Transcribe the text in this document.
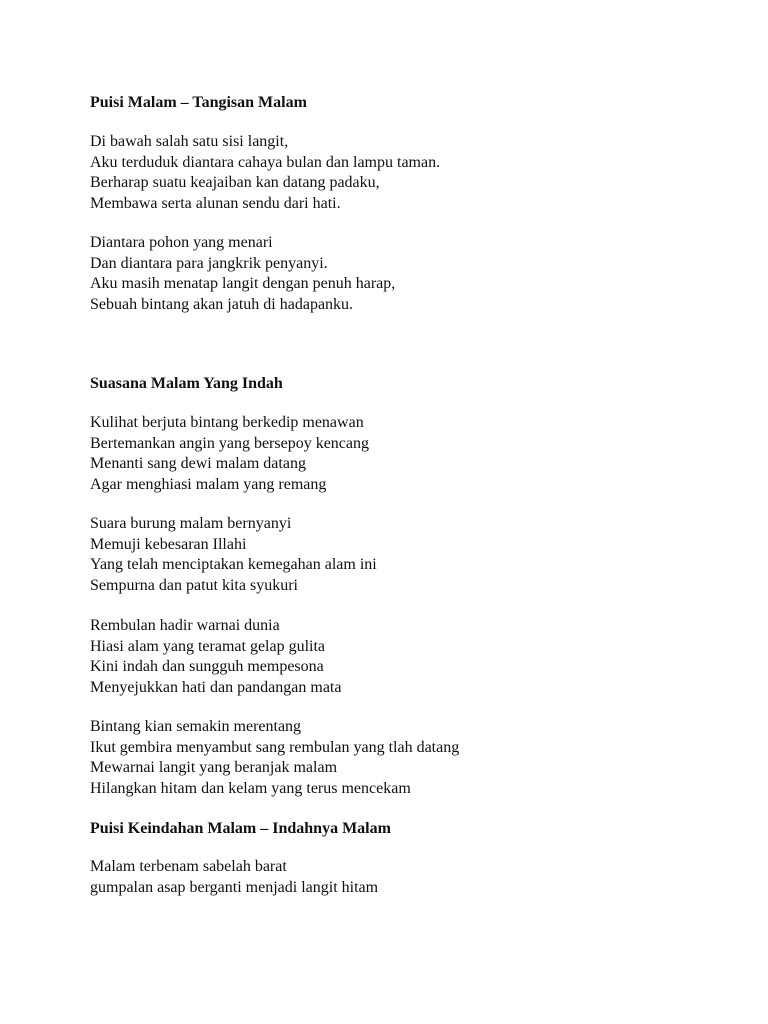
Puisi Malam – Tangisan Malam
Di bawah salah satu sisi langit,
Aku terduduk diantara cahaya bulan dan lampu taman.
Berharap suatu keajaiban kan datang padaku,
Membawa serta alunan sendu dari hati.
Diantara pohon yang menari
Dan diantara para jangkrik penyanyi.
Aku masih menatap langit dengan penuh harap,
Sebuah bintang akan jatuh di hadapanku.
Suasana Malam Yang Indah
Kulihat berjuta bintang berkedip menawan
Bertemankan angin yang bersepoy kencang
Menanti sang dewi malam datang
Agar menghiasi malam yang remang
Suara burung malam bernyanyi
Memuji kebesaran Illahi
Yang telah menciptakan kemegahan alam ini
Sempurna dan patut kita syukuri
Rembulan hadir warnai dunia
Hiasi alam yang teramat gelap gulita
Kini indah dan sungguh mempesona
Menyejukkan hati dan pandangan mata
Bintang kian semakin merentang
Ikut gembira menyambut sang rembulan yang tlah datang
Mewarnai langit yang beranjak malam
Hilangkan hitam dan kelam yang terus mencekam
Puisi Keindahan Malam – Indahnya Malam
Malam terbenam sabelah barat
gumpalan asap berganti menjadi langit hitam
